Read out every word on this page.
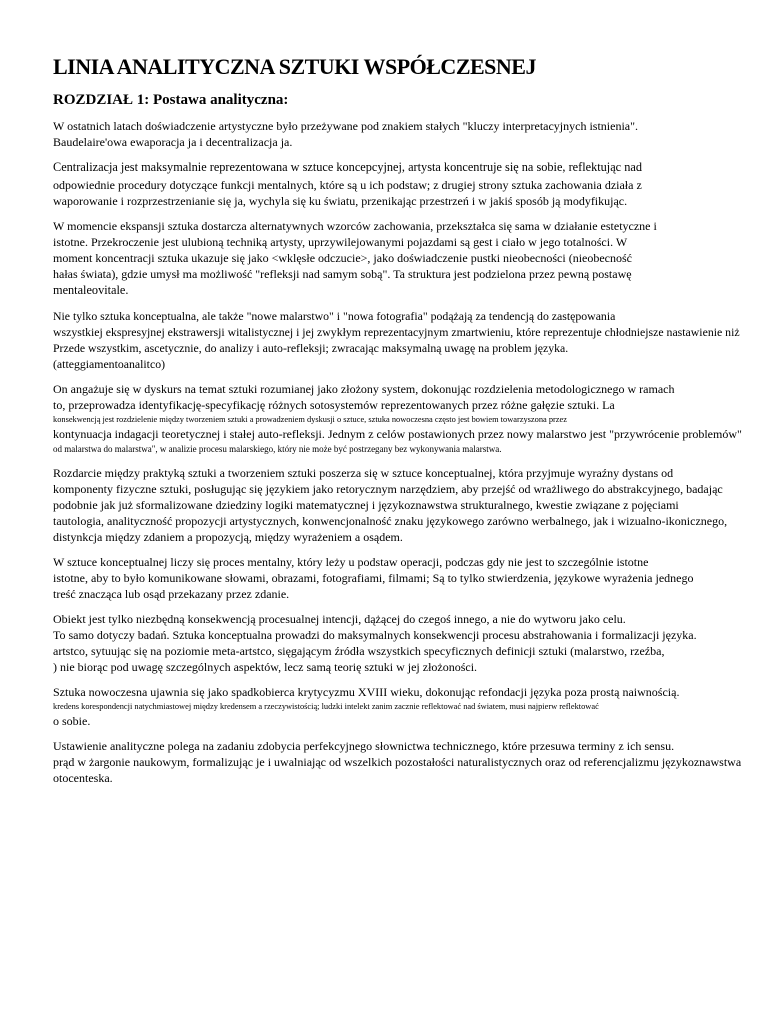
LINIA ANALITYCZNA SZTUKI WSPÓŁCZESNEJ
ROZDZIAŁ 1: Postawa analityczna:
W ostatnich latach doświadczenie artystyczne było przeżywane pod znakiem stałych "kluczy interpretacyjnych istnienia".
Baudelaire'owa ewaporacja ja i decentralizacja ja.
Centralizacja jest maksymalnie reprezentowana w sztuce koncepcyjnej, artysta koncentruje się na sobie, reflektując nad
odpowiednie procedury dotyczące funkcji mentalnych, które są u ich podstaw; z drugiej strony sztuka zachowania działa z
waporowanie i rozprzestrzenianie się ja, wychyla się ku światu, przenikając przestrzeń i w jakiś sposób ją modyfikując.
W momencie ekspansji sztuka dostarcza alternatywnych wzorców zachowania, przekształca się sama w działanie estetyczne i
istotne. Przekroczenie jest ulubioną techniką artysty, uprzywilejowanymi pojazdami są gest i ciało w jego totalności. W
moment koncentracji sztuka ukazuje się jako <wklęsłe odczucie>, jako doświadczenie pustki nieobecności (nieobecność
hałas świata), gdzie umysł ma możliwość "refleksji nad samym sobą". Ta struktura jest podzielona przez pewną postawę
mentaleovitale.
Nie tylko sztuka konceptualna, ale także "nowe malarstwo" i "nowa fotografia" podążają za tendencją do zastępowania
wszystkiej ekspresyjnej ekstrawersji witalistycznej i jej zwykłym reprezentacyjnym zmartwieniu, które reprezentuje chłodniejsze nastawienie niż
Przede wszystkim, ascetycznie, do analizy i auto-refleksji; zwracając maksymalną uwagę na problem języka.
(atteggiamentoanalitco)
On angażuje się w dyskurs na temat sztuki rozumianej jako złożony system, dokonując rozdzielenia metodologicznego w ramach
to, przeprowadza identyfikację-specyfikację różnych sotosystemów reprezentowanych przez różne gałęzie sztuki. La
konsekwencją jest rozdzielenie między tworzeniem sztuki a prowadzeniem dyskusji o sztuce, sztuka nowoczesna często jest bowiem towarzyszona przez
kontynuacja indagacji teoretycznej i stałej auto-refleksji. Jednym z celów postawionych przez nowy malarstwo jest "przywrócenie problemów"
od malarstwa do malarstwa", w analizie procesu malarskiego, który nie może być postrzegany bez wykonywania malarstwa.
Rozdarcie między praktyką sztuki a tworzeniem sztuki poszerza się w sztuce konceptualnej, która przyjmuje wyraźny dystans od
komponenty fizyczne sztuki, posługując się językiem jako retorycznym narzędziem, aby przejść od wrażliwego do abstrakcyjnego, badając
podobnie jak już sformalizowane dziedziny logiki matematycznej i językoznawstwa strukturalnego, kwestie związane z pojęciami
tautologia, analityczność propozycji artystycznych, konwencjonalność znaku językowego zarówno werbalnego, jak i wizualno-ikonicznego,
distynkcja między zdaniem a propozycją, między wyrażeniem a osądem.
W sztuce konceptualnej liczy się proces mentalny, który leży u podstaw operacji, podczas gdy nie jest to szczególnie istotne
istotne, aby to było komunikowane słowami, obrazami, fotografiami, filmami; Są to tylko stwierdzenia, językowe wyrażenia jednego
treść znacząca lub osąd przekazany przez zdanie.
Obiekt jest tylko niezbędną konsekwencją procesualnej intencji, dążącej do czegoś innego, a nie do wytworu jako celu.
To samo dotyczy badań. Sztuka konceptualna prowadzi do maksymalnych konsekwencji procesu abstrahowania i formalizacji języka.
artstco, sytuując się na poziomie meta-artstco, sięgającym źródła wszystkich specyficznych definicji sztuki (malarstwo, rzeźba,
) nie biorąc pod uwagę szczególnych aspektów, lecz samą teorię sztuki w jej złożoności.
Sztuka nowoczesna ujawnia się jako spadkobierca krytycyzmu XVIII wieku, dokonując refondacji języka poza prostą naiwnością.
kredens korespondencji natychmiastowej między kredensem a rzeczywistością; ludzki intelekt zanim zacznie reflektować nad światem, musi najpierw reflektować
o sobie.
Ustawienie analityczne polega na zadaniu zdobycia perfekcyjnego słownictwa technicznego, które przesuwa terminy z ich sensu.
prąd w żargonie naukowym, formalizując je i uwalniając od wszelkich pozostałości naturalistycznych oraz od referencjalizmu językoznawstwa
otocenteska.
